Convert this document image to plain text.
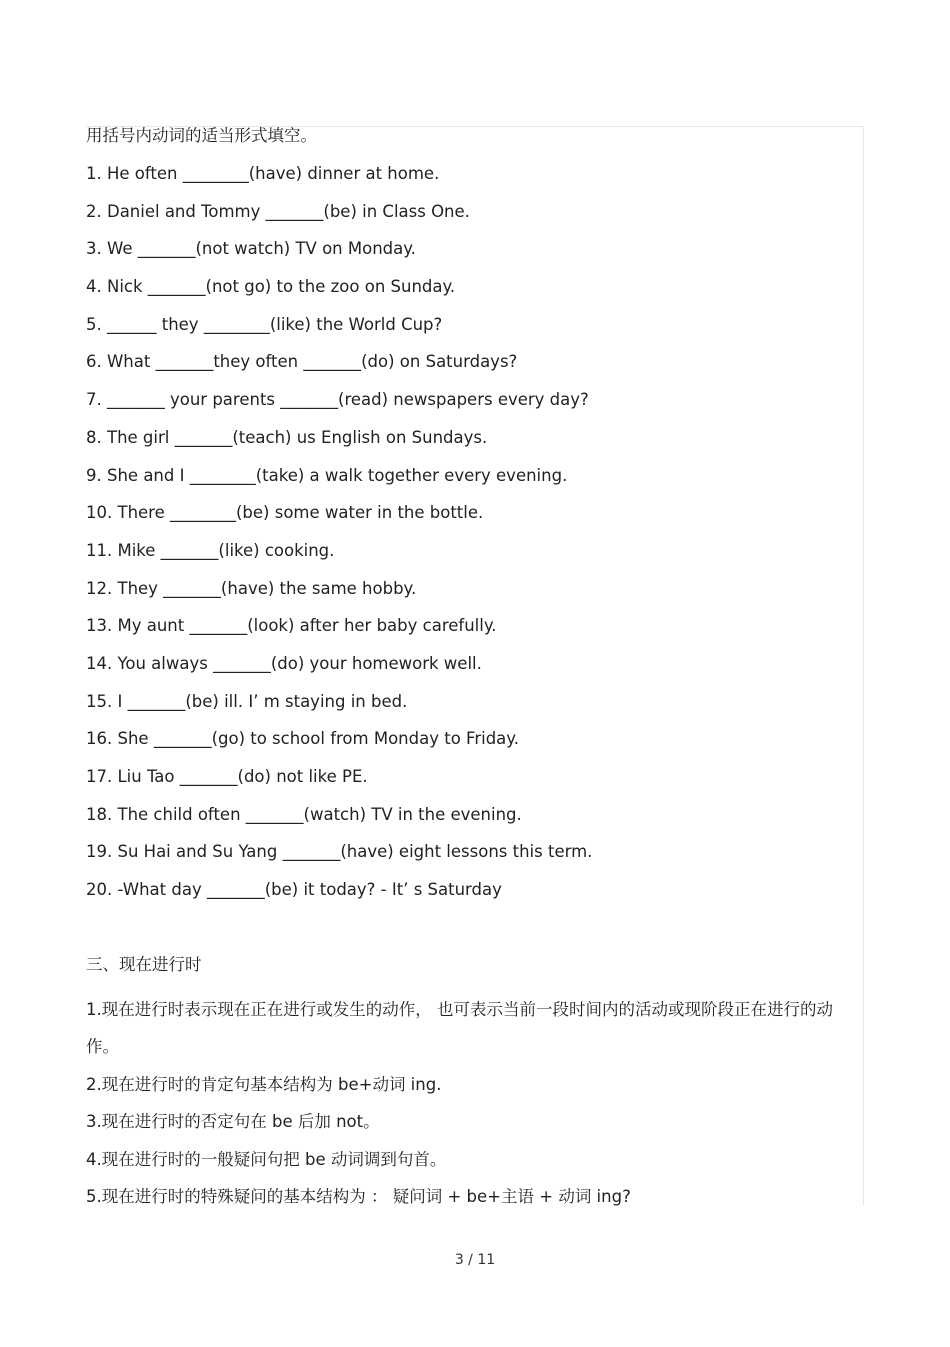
用括号内动词的适当形式填空。
1. He often ________(have) dinner at home.
2. Daniel and Tommy _______(be) in Class One.
3. We _______(not watch) TV on Monday.
4. Nick _______(not go) to the zoo on Sunday.
5. ______ they ________(like) the World Cup?
6. What _______they often _______(do) on Saturdays?
7. _______ your parents _______(read) newspapers every day?
8. The girl _______(teach) us English on Sundays.
9. She and I ________(take) a walk together every evening.
10. There ________(be) some water in the bottle.
11. Mike _______(like) cooking.
12. They _______(have) the same hobby.
13. My aunt _______(look) after her baby carefully.
14. You always _______(do) your homework well.
15. I _______(be) ill. I’ m staying in bed.
16. She _______(go) to school from Monday to Friday.
17. Liu Tao _______(do) not like PE.
18. The child often _______(watch) TV in the evening.
19. Su Hai and Su Yang _______(have) eight lessons this term.
20. -What day _______(be) it today? - It’ s Saturday
三、现在进行时
1.现在进行时表示现在正在进行或发生的动作， 也可表示当前一段时间内的活动或现阶段正在进行的动作。
2.现在进行时的肯定句基本结构为 be+动词 ing.
3.现在进行时的否定句在 be 后加 not。
4.现在进行时的一般疑问句把 be 动词调到句首。
5.现在进行时的特殊疑问的基本结构为 ： 疑问词 + be+主语 + 动词 ing?
3 / 11
